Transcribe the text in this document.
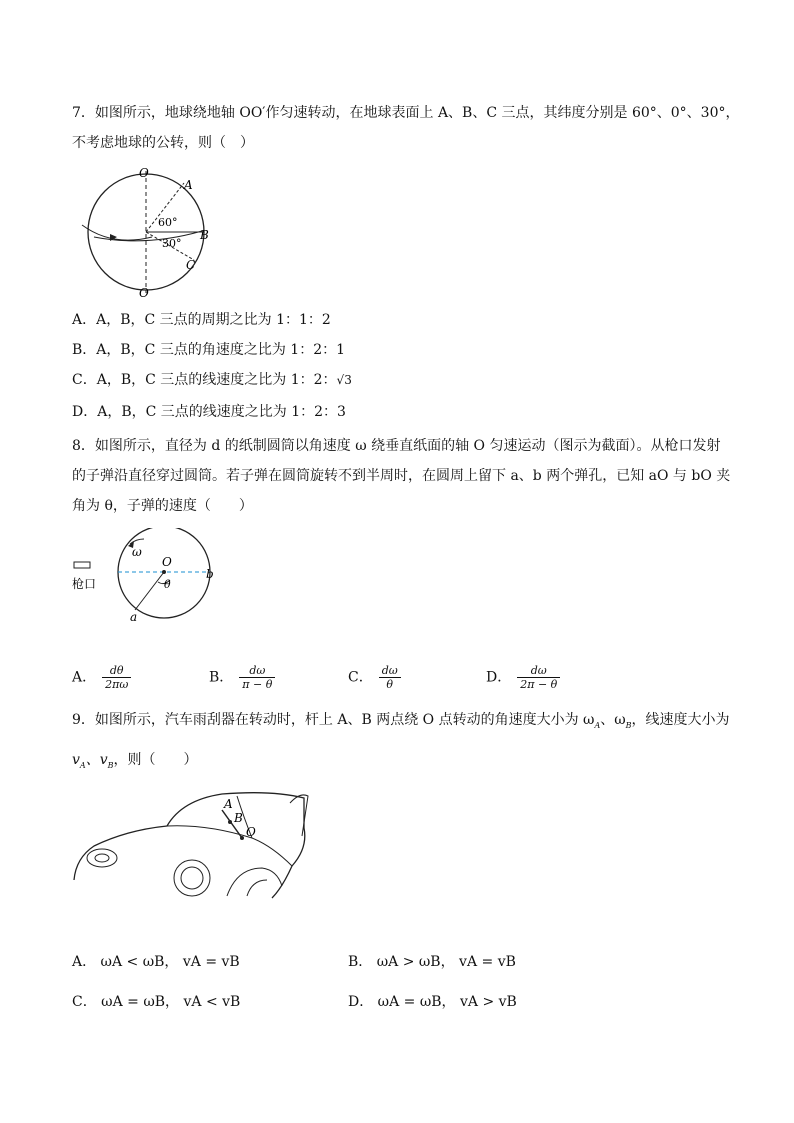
7．如图所示，地球绕地轴 OO′作匀速转动，在地球表面上 A、B、C 三点，其纬度分别是 60°、0°、30°，
不考虑地球的公转，则（　）
O
A
60°
30°
B
C
O
A．A，B，C 三点的周期之比为 1：1：2
B．A，B，C 三点的角速度之比为 1：2：1
C．A，B，C 三点的线速度之比为 1：2：√3
D．A，B，C 三点的线速度之比为 1：2：3
8．如图所示，直径为 d 的纸制圆筒以角速度 ω 绕垂直纸面的轴 O 匀速运动（图示为截面）。从枪口发射
的子弹沿直径穿过圆筒。若子弹在圆筒旋转不到半周时，在圆周上留下 a、b 两个弹孔，已知 aO 与 bO 夹
角为 θ，子弹的速度（　　）
枪口
ω
O
θ
b
a
A． $\frac{d\theta}{2\pi\omega}$	B． $\frac{d\omega}{\pi - \theta}$	C． $\frac{d\omega}{\theta}$	D． $\frac{d\omega}{2\pi - \theta}$
9．如图所示，汽车雨刮器在转动时，杆上 A、B 两点绕 O 点转动的角速度大小为 $\omega_A$、$\omega_B$，线速度大小为
$v_A$、$v_B$，则（　　）
A
B
O
A． ωA < ωB， vA = vB	B． ωA > ωB， vA = vB
C． ωA = ωB， vA < vB	D． ωA = ωB， vA > vB
